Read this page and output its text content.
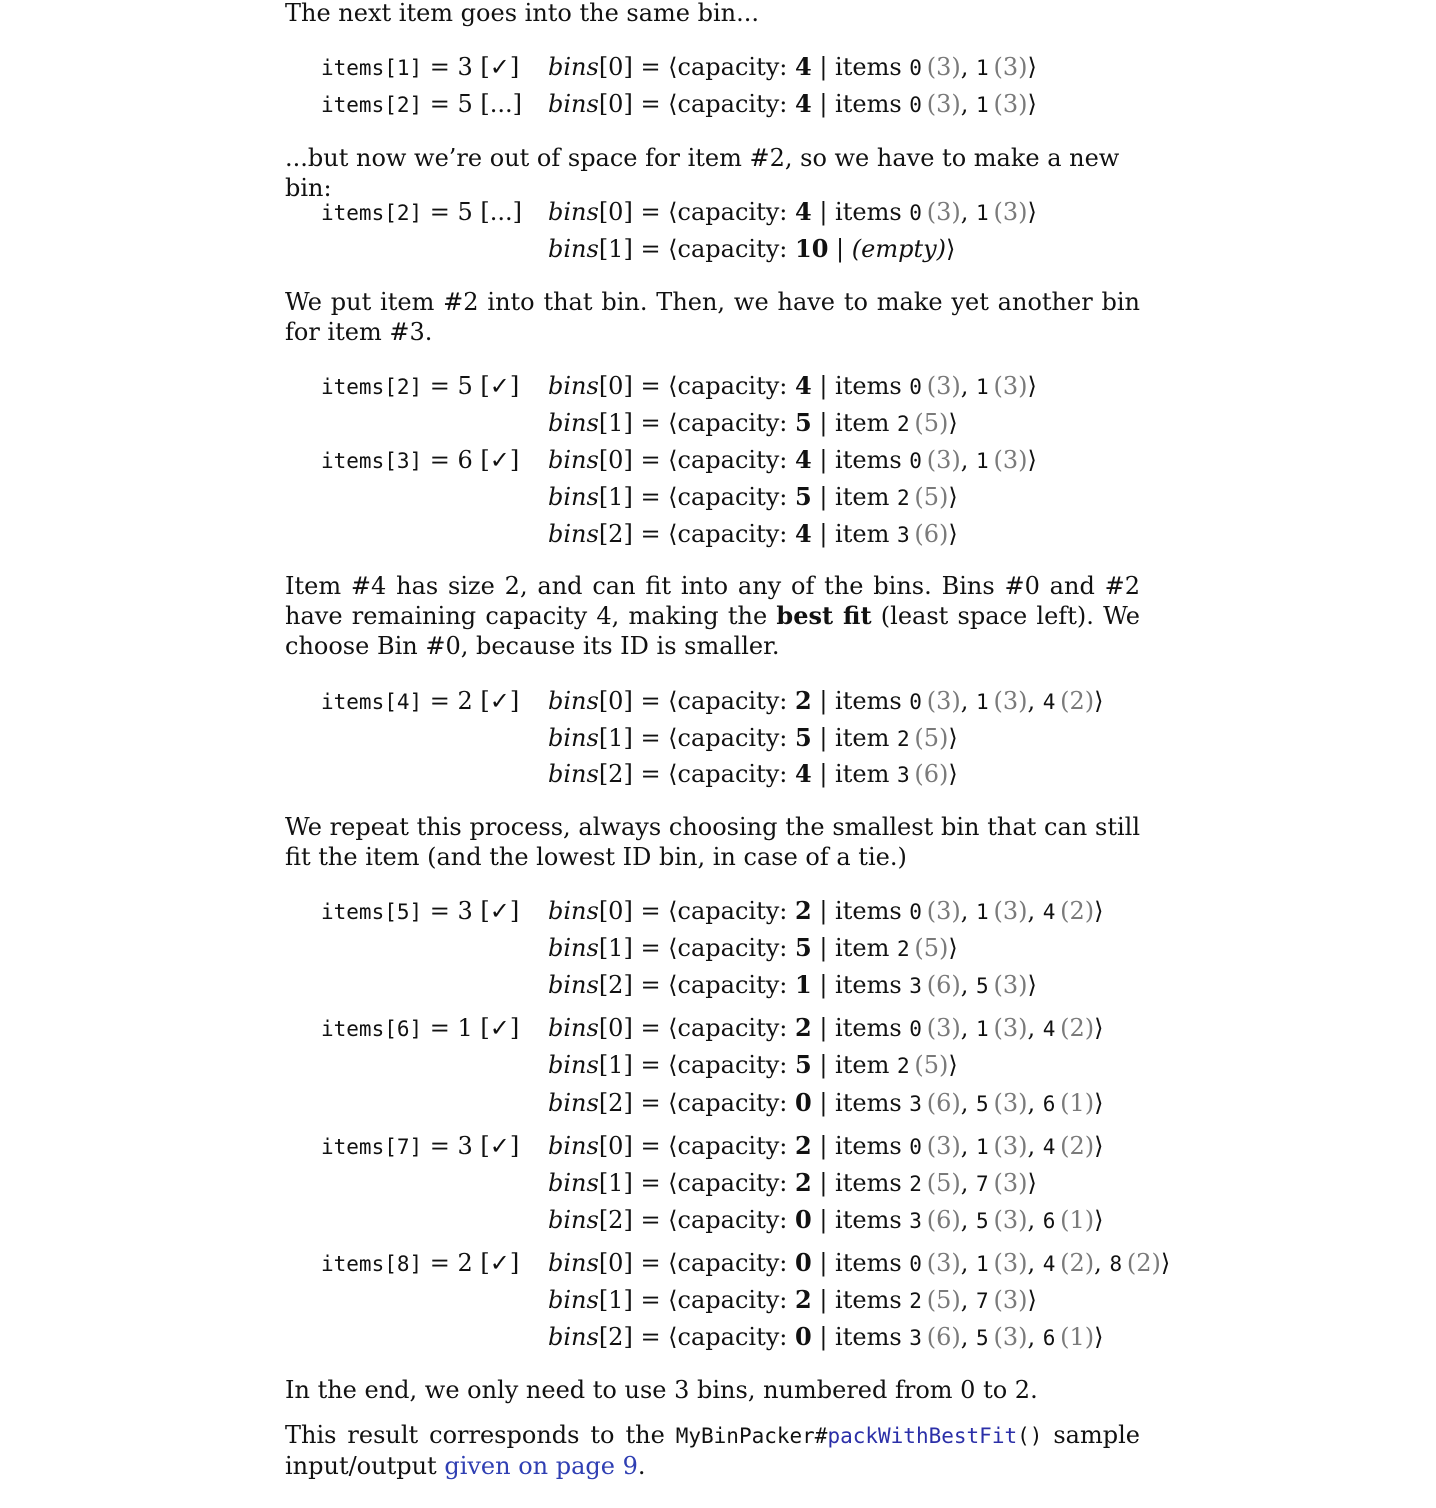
The next item goes into the same bin...
items[1] = 3 [✓] bins[0] = ⟨capacity: 4 | items 0  (3), 1  (3)⟩
items[2] = 5 [...] bins[0] = ⟨capacity: 4 | items 0  (3), 1  (3)⟩
...but now we’re out of space for item #2, so we have to make a new bin:
items[2] = 5 [...] bins[0] = ⟨capacity: 4 | items 0  (3), 1  (3)⟩
bins[1] = ⟨capacity: 10 | (empty)⟩
We put item #2 into that bin. Then, we have to make yet another bin for item #3.
items[2] = 5 [✓] bins[0] = ⟨capacity: 4 | items 0  (3), 1  (3)⟩
bins[1] = ⟨capacity: 5 | item 2  (5)⟩
items[3] = 6 [✓] bins[0] = ⟨capacity: 4 | items 0  (3), 1  (3)⟩
bins[1] = ⟨capacity: 5 | item 2  (5)⟩
bins[2] = ⟨capacity: 4 | item 3  (6)⟩
Item #4 has size 2, and can fit into any of the bins. Bins #0 and #2 have remaining capacity 4, making the best fit (least space left). We choose Bin #0, because its ID is smaller.
items[4] = 2 [✓] bins[0] = ⟨capacity: 2 | items 0  (3), 1  (3), 4  (2)⟩
bins[1] = ⟨capacity: 5 | item 2  (5)⟩
bins[2] = ⟨capacity: 4 | item 3  (6)⟩
We repeat this process, always choosing the smallest bin that can still fit the item (and the lowest ID bin, in case of a tie.)
items[5] = 3 [✓] bins[0] = ⟨capacity: 2 | items 0  (3), 1  (3), 4  (2)⟩
bins[1] = ⟨capacity: 5 | item 2  (5)⟩
bins[2] = ⟨capacity: 1 | items 3  (6), 5  (3)⟩
items[6] = 1 [✓] bins[0] = ⟨capacity: 2 | items 0  (3), 1  (3), 4  (2)⟩
bins[1] = ⟨capacity: 5 | item 2  (5)⟩
bins[2] = ⟨capacity: 0 | items 3  (6), 5  (3), 6  (1)⟩
items[7] = 3 [✓] bins[0] = ⟨capacity: 2 | items 0  (3), 1  (3), 4  (2)⟩
bins[1] = ⟨capacity: 2 | items 2  (5), 7  (3)⟩
bins[2] = ⟨capacity: 0 | items 3  (6), 5  (3), 6  (1)⟩
items[8] = 2 [✓] bins[0] = ⟨capacity: 0 | items 0  (3), 1  (3), 4  (2), 8  (2)⟩
bins[1] = ⟨capacity: 2 | items 2  (5), 7  (3)⟩
bins[2] = ⟨capacity: 0 | items 3  (6), 5  (3), 6  (1)⟩
In the end, we only need to use 3 bins, numbered from 0 to 2.
This result corresponds to the MyBinPacker#packWithBestFit() sample input/output given on page 9.
